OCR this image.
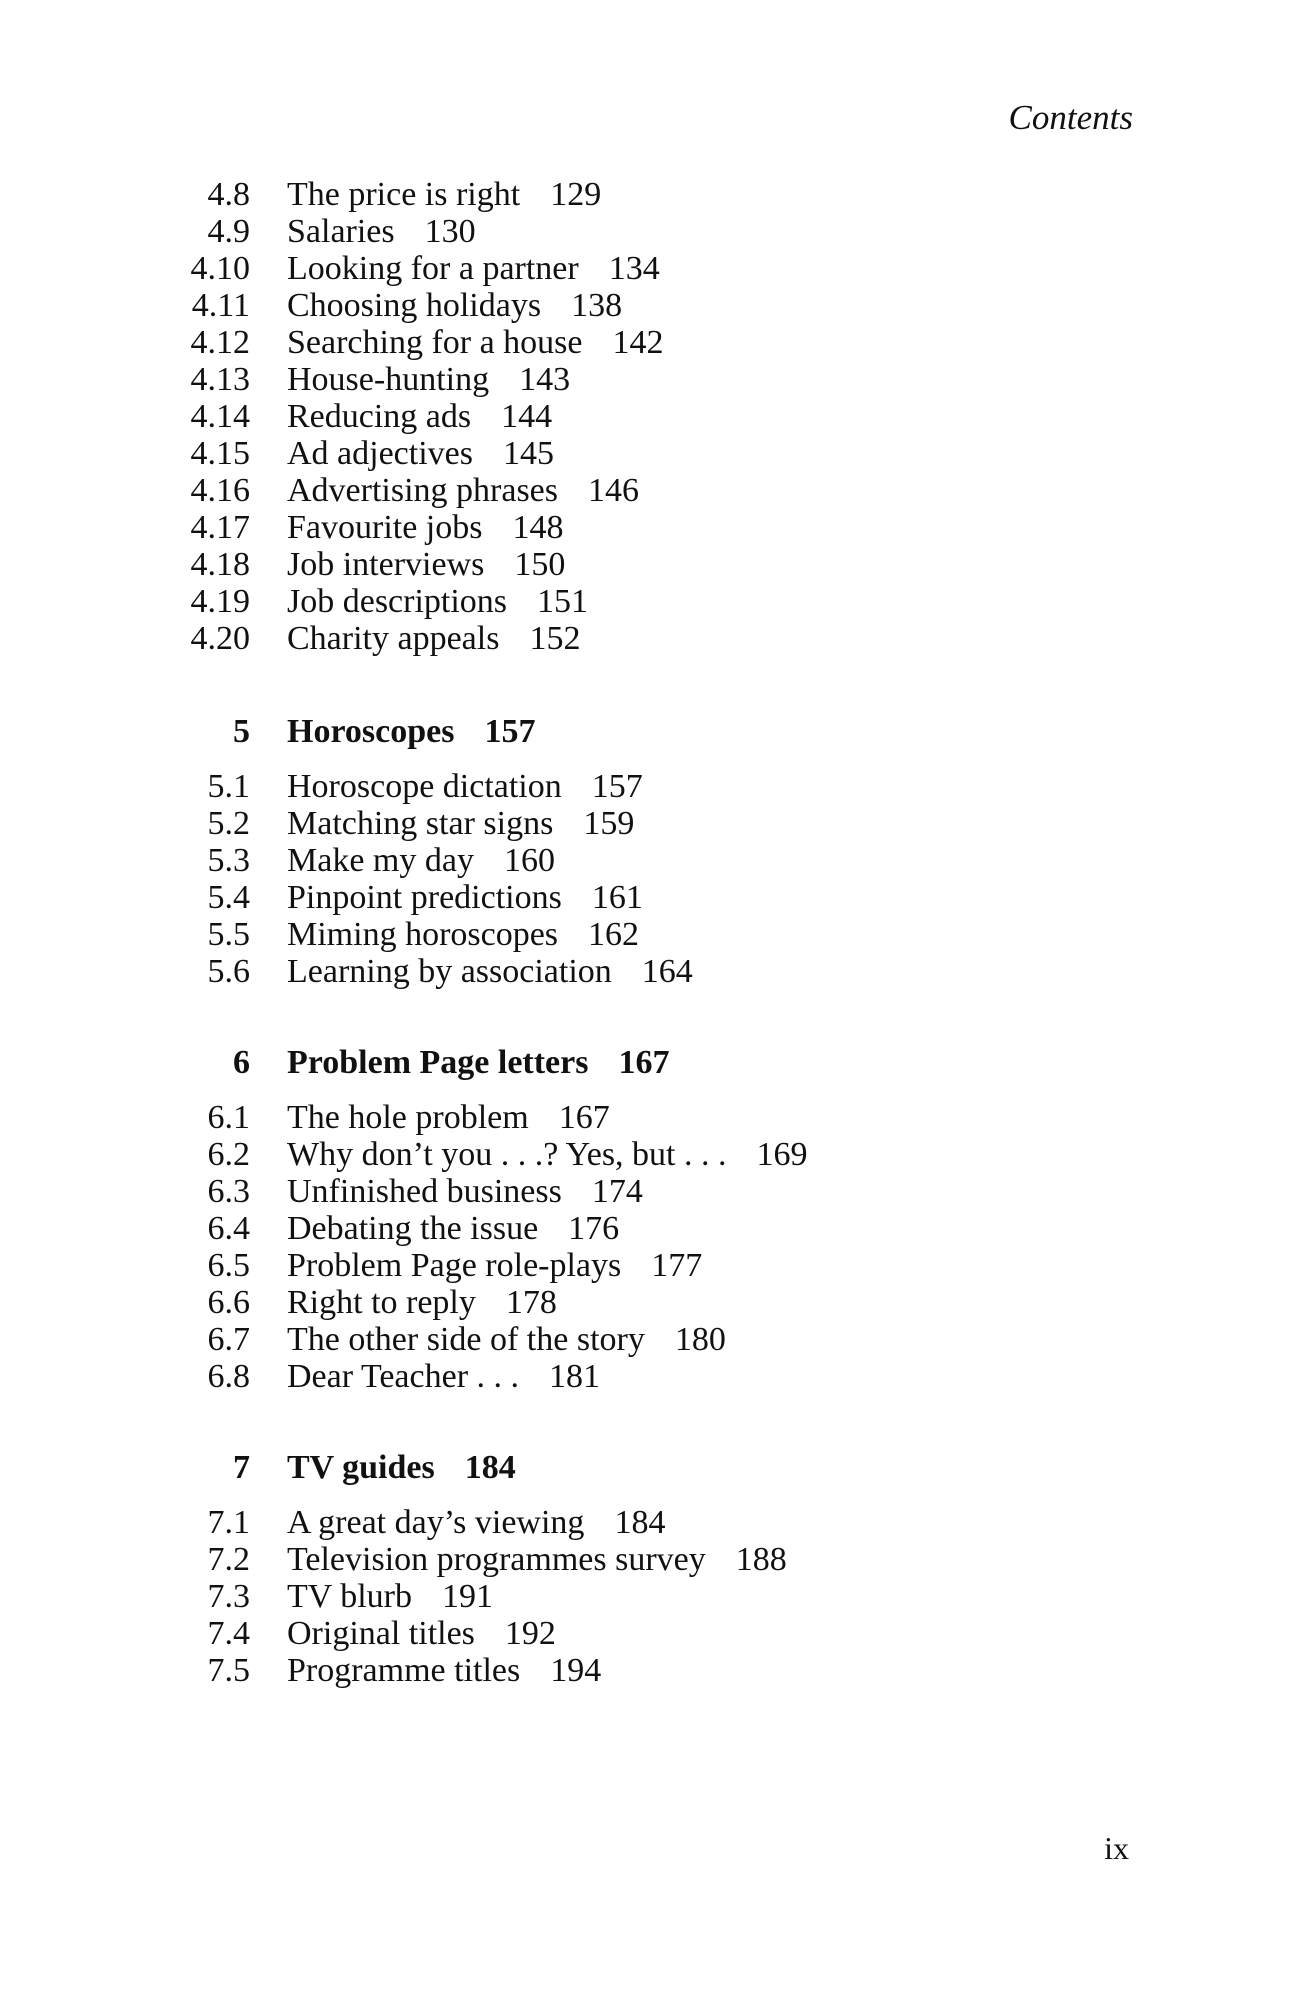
Contents
4.8 The price is right 129
4.9 Salaries 130
4.10 Looking for a partner 134
4.11 Choosing holidays 138
4.12 Searching for a house 142
4.13 House-hunting 143
4.14 Reducing ads 144
4.15 Ad adjectives 145
4.16 Advertising phrases 146
4.17 Favourite jobs 148
4.18 Job interviews 150
4.19 Job descriptions 151
4.20 Charity appeals 152
5 Horoscopes 157
5.1 Horoscope dictation 157
5.2 Matching star signs 159
5.3 Make my day 160
5.4 Pinpoint predictions 161
5.5 Miming horoscopes 162
5.6 Learning by association 164
6 Problem Page letters 167
6.1 The hole problem 167
6.2 Why don’t you . . .? Yes, but . . . 169
6.3 Unfinished business 174
6.4 Debating the issue 176
6.5 Problem Page role-plays 177
6.6 Right to reply 178
6.7 The other side of the story 180
6.8 Dear Teacher . . . 181
7 TV guides 184
7.1 A great day’s viewing 184
7.2 Television programmes survey 188
7.3 TV blurb 191
7.4 Original titles 192
7.5 Programme titles 194
ix
